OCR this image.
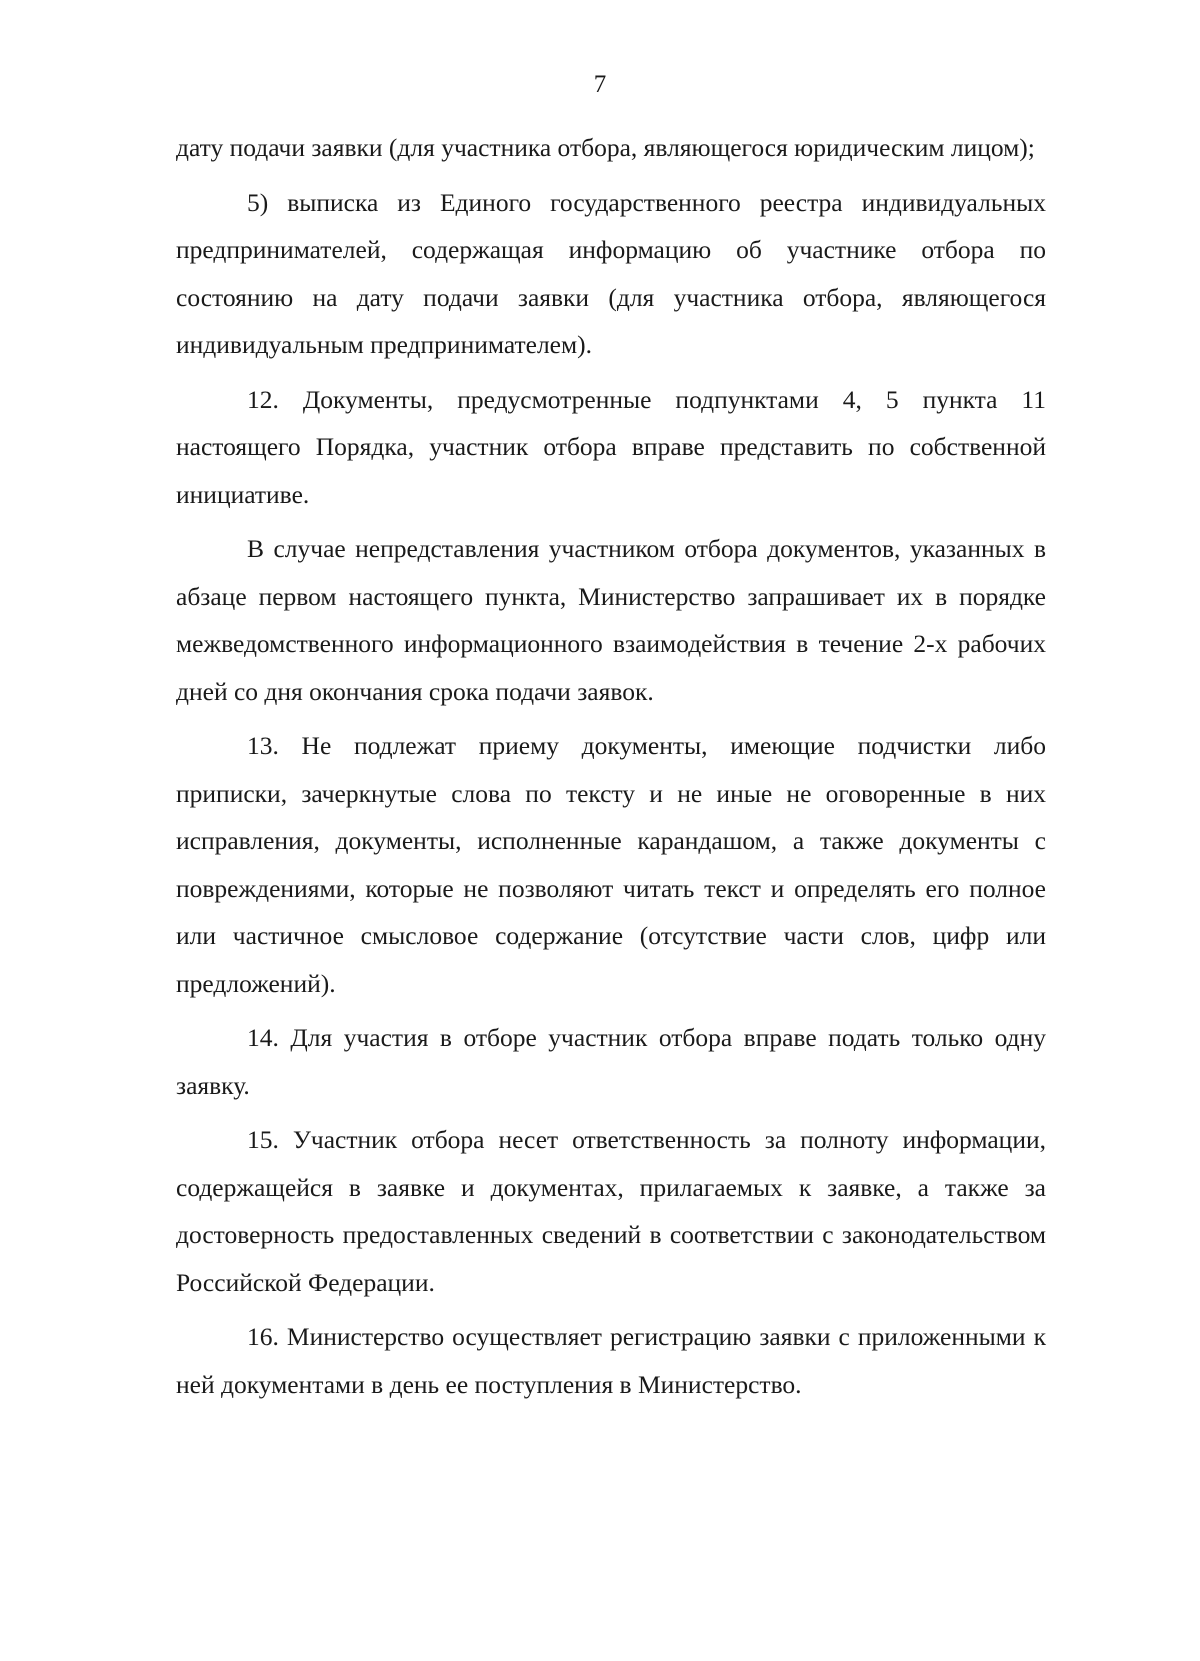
7

дату подачи заявки (для участника отбора, являющегося юридическим лицом);

5) выписка из Единого государственного реестра индивидуальных предпринимателей, содержащая информацию об участнике отбора по состоянию на дату подачи заявки (для участника отбора, являющегося индивидуальным предпринимателем).

12. Документы, предусмотренные подпунктами 4, 5 пункта 11 настоящего Порядка, участник отбора вправе представить по собственной инициативе.

В случае непредставления участником отбора документов, указанных в абзаце первом настоящего пункта, Министерство запрашивает их в порядке межведомственного информационного взаимодействия в течение 2-х рабочих дней со дня окончания срока подачи заявок.

13. Не подлежат приему документы, имеющие подчистки либо приписки, зачеркнутые слова по тексту и не иные не оговоренные в них исправления, документы, исполненные карандашом, а также документы с повреждениями, которые не позволяют читать текст и определять его полное или частичное смысловое содержание (отсутствие части слов, цифр или предложений).

14. Для участия в отборе участник отбора вправе подать только одну заявку.

15. Участник отбора несет ответственность за полноту информации, содержащейся в заявке и документах, прилагаемых к заявке, а также за достоверность предоставленных сведений в соответствии с законодательством Российской Федерации.

16. Министерство осуществляет регистрацию заявки с приложенными к ней документами в день ее поступления в Министерство.
